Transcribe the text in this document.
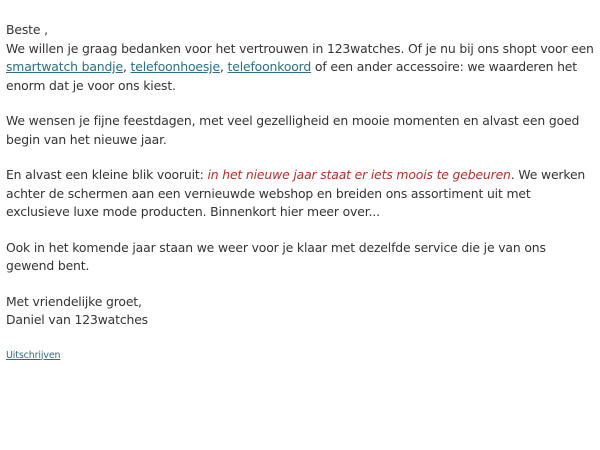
Beste ,

We willen je graag bedanken voor het vertrouwen in 123watches. Of je nu bij ons shopt voor een smartwatch bandje, telefoonhoesje, telefoonkoord of een ander accessoire: we waarderen het enorm dat je voor ons kiest.

We wensen je fijne feestdagen, met veel gezelligheid en mooie momenten en alvast een goed begin van het nieuwe jaar.

En alvast een kleine blik vooruit: in het nieuwe jaar staat er iets moois te gebeuren. We werken achter de schermen aan een vernieuwde webshop en breiden ons assortiment uit met exclusieve luxe mode producten. Binnenkort hier meer over...

Ook in het komende jaar staan we weer voor je klaar met dezelfde service die je van ons gewend bent.

Met vriendelijke groet,
Daniel van 123watches
Uitschrijven
